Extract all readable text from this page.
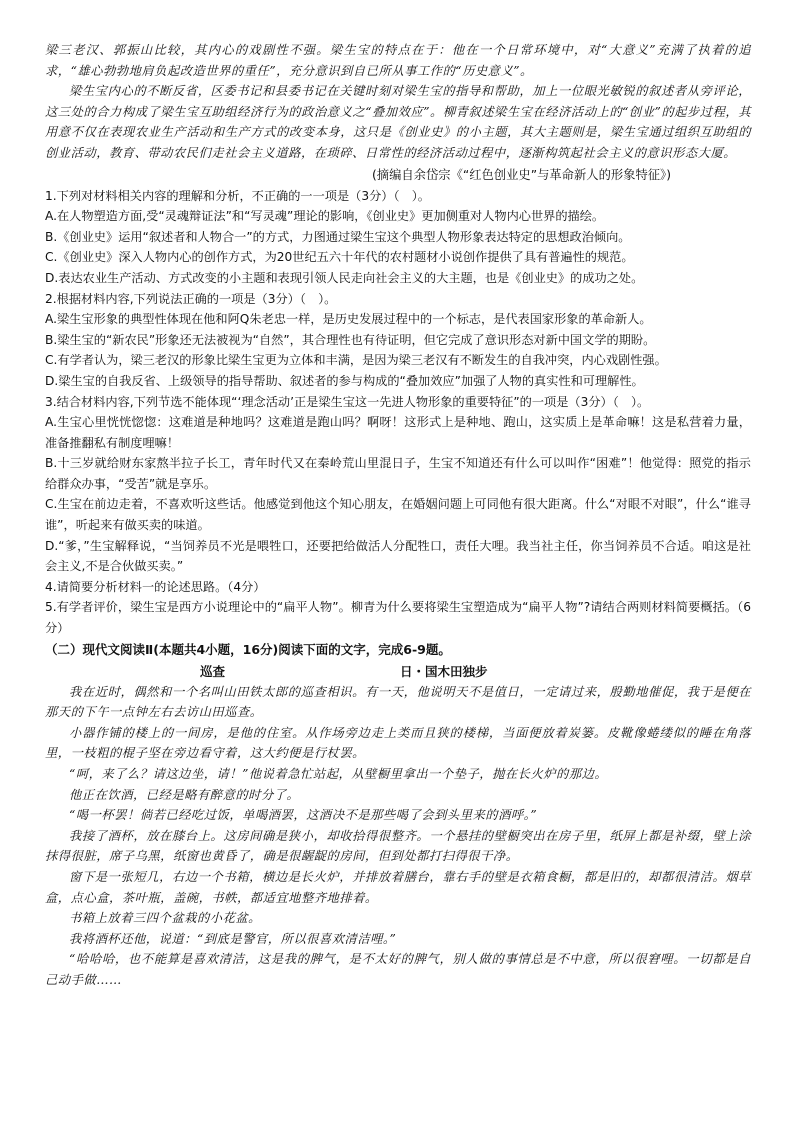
梁三老汉、郭振山比较，其内心的戏剧性不强。梁生宝的特点在于：他在一个日常环境中，对“大意义”充满了执着的追求，“雄心勃勃地肩负起改造世界的重任”，充分意识到自已所从事工作的“历史意义”。

梁生宝内心的不断反省，区委书记和县委书记在关键时刻对梁生宝的指导和帮助，加上一位眼光敏锐的叙述者从旁评论，这三处的合力构成了梁生宝互助组经济行为的政治意义之“叠加效应”。柳青叙述梁生宝在经济活动上的“创业”的起步过程，其用意不仅在表现农业生产活动和生产方式的改变本身，这只是《创业史》的小主题，其大主题则是，梁生宝通过组织互助组的创业活动，教育、带动农民们走社会主义道路，在琐碎、日常性的经济活动过程中，逐渐构筑起社会主义的意识形态大厦。

(摘编自余岱宗《“红色创业史”与革命新人的形象特征》)

1.下列对材料相关内容的理解和分析，不正确的一一项是（3分）（　）。

A.在人物塑造方面,受“灵魂辩证法”和“写灵魂”理论的影响，《创业史》更加侧重对人物内心世界的描绘。

B.《创业史》运用“叙述者和人物合一”的方式，力图通过梁生宝这个典型人物形象表达特定的思想政治倾向。

C.《创业史》深入人物内心的创作方式，为20世纪五六十年代的农村题材小说创作提供了具有普遍性的规范。

D.表达农业生产活动、方式改变的小主题和表现引领人民走向社会主义的大主题，也是《创业史》的成功之处。

2.根据材料内容,下列说法正确的一项是（3分）（　）。

A.梁生宝形象的典型性体现在他和阿Q朱老忠一样，是历史发展过程中的一个标志，是代表国家形象的革命新人。

B.梁生宝的“新农民”形象还无法被视为“自然”，其合理性也有待证明，但它完成了意识形态对新中国文学的期盼。

C.有学者认为，梁三老汉的形象比梁生宝更为立体和丰满，是因为梁三老汉有不断发生的自我冲突，内心戏剧性强。

D.梁生宝的自我反省、上级领导的指导帮助、叙述者的参与构成的“叠加效应”加强了人物的真实性和可理解性。

3.结合材料内容,下列节选不能体现“‘理念活动’正是梁生宝这一先进人物形象的重要特征”的一项是（3分）（　）。

A.生宝心里恍恍惚惚：这难道是种地吗？这难道是跑山吗？啊呀！这形式上是种地、跑山，这实质上是革命嘛！这是私营着力量，准备推翻私有制度哩嘛！

B.十三岁就给财东家熬半拉子长工，青年时代又在秦岭荒山里混日子，生宝不知道还有什么可以叫作“困难”！他觉得：照党的指示给群众办事，“受苦”就是享乐。

C.生宝在前边走着，不喜欢听这些话。他感觉到他这个知心朋友，在婚姻问题上可同他有很大距离。什么“对眼不对眼”，什么“谁寻谁”，听起来有做买卖的味道。

D.“爹，”生宝解释说，“当饲养员不光是喂牲口，还要把给做活人分配牲口，责任大哩。我当社主任，你当饲养员不合适。咱这是社会主义,不是合伙做买卖。”

4.请简要分析材料一的论述思路。（4分）

5.有学者评价，梁生宝是西方小说理论中的“扁平人物”。柳青为什么要将梁生宝塑造成为“扁平人物”?请结合两则材料简要概括。（6分）

（二）现代文阅读Ⅱ(本题共4小题，16分)阅读下面的文字，完成6-9题。

巡查	日・国木田独步

我在近时，偶然和一个名叫山田铁太郎的巡查相识。有一天，他说明天不是值日，一定请过来，殷勤地催促，我于是便在那天的下午一点钟左右去访山田巡查。

小器作铺的楼上的一间房，是他的住室。从作场旁边走上类而且狭的楼梯，当面便放着炭篓。皮靴像蜷缕似的睡在角落里，一枝粗的棍子坚在旁边看守着，这大约便是行杖罢。

“呵，来了么？请这边坐，请！”他说着急忙站起，从壁橱里拿出一个垫子，抛在长火炉的那边。

他正在饮酒，已经是略有醉意的时分了。

“喝一杯罢！倘若已经吃过饭，单喝酒罢，这酒决不是那些喝了会到头里来的酒呼。”

我接了酒杯，放在膝台上。这房间确是狭小，却收拾得很整齐。一个悬挂的壁橱突出在房子里，纸屏上都是补缀，壁上涂抹得很脏，席子乌黑，纸窗也黄昏了，确是很龌龊的房间，但到处都打扫得很干净。

窗下是一张短几，右边一个书箱，横边是长火炉，并排放着膳台，靠右手的壁是衣箱食橱，都是旧的，却都很清洁。烟草盒，点心盒，茶叶瓶，盖碗，书帙，都适宜地整齐地排着。

书箱上放着三四个盆栽的小花盆。

我将酒杯还他，说道：“到底是警官，所以很喜欢清洁哩。”

“哈哈哈，也不能算是喜欢清洁，这是我的脾气，是不太好的脾气，别人做的事情总是不中意，所以很窘哩。一切都是自己动手做……
